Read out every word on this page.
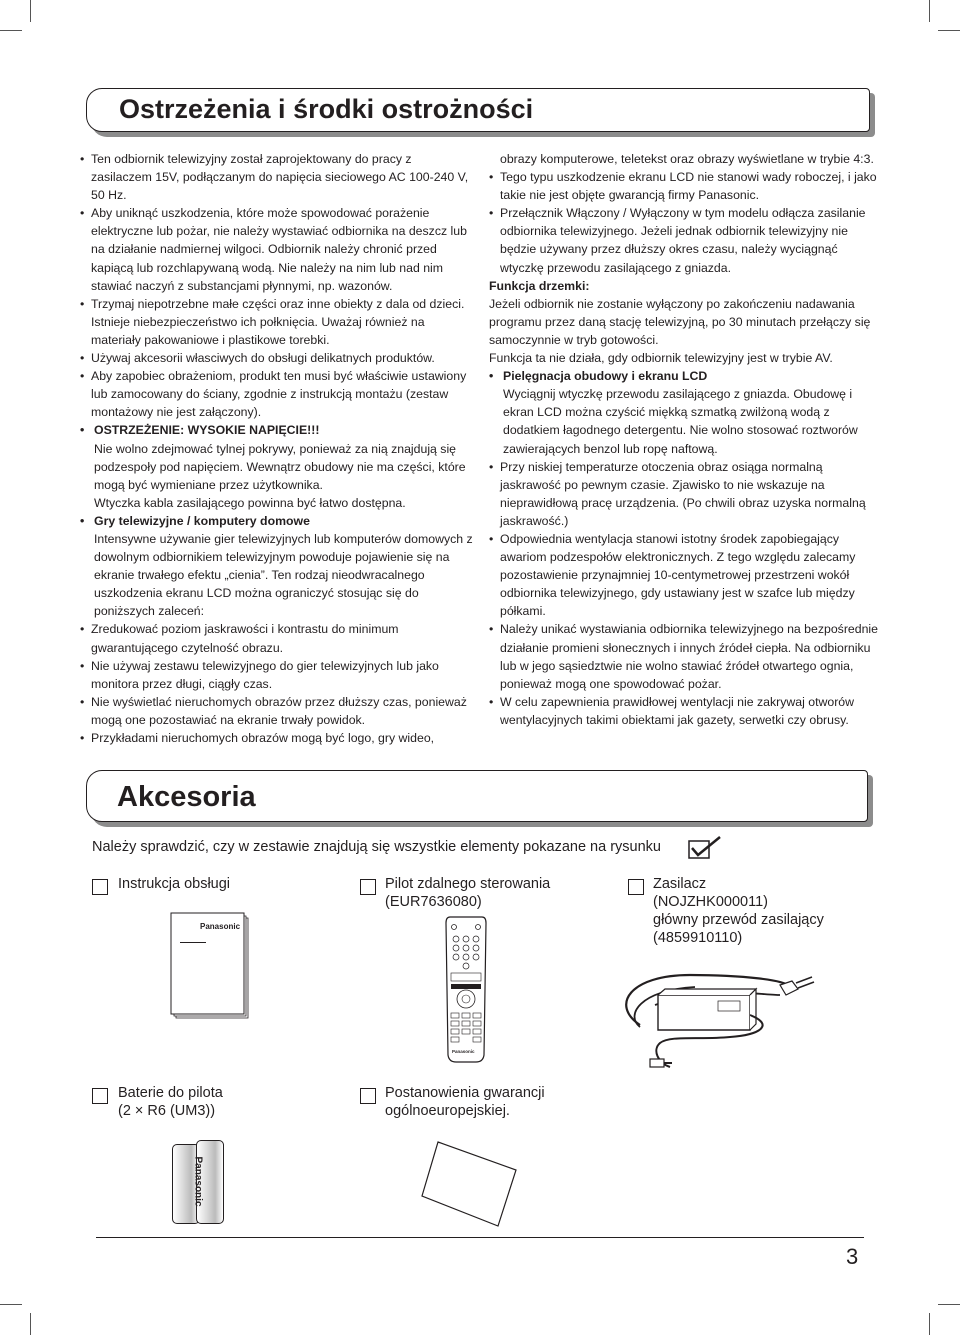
Ostrzeżenia i środki ostrożności

• Ten odbiornik telewizyjny został zaprojektowany do pracy z zasilaczem 15V, podłączanym do napięcia sieciowego AC 100-240 V, 50 Hz.

• Aby uniknąć uszkodzenia, które może spowodować porażenie elektryczne lub pożar, nie należy wystawiać odbiornika na deszcz lub na działanie nadmiernej wilgoci. Odbiornik należy chronić przed kapiącą lub rozchlapywaną wodą. Nie należy na nim lub nad nim stawiać naczyń z substancjami płynnymi, np. wazonów.

• Trzymaj niepotrzebne małe części oraz inne obiekty z dala od dzieci. Istnieje niebezpieczeństwo ich połknięcia. Uważaj również na materiały pakowaniowe i plastikowe torebki.

• Używaj akcesorii własciwych do obsługi delikatnych produktów.

• Aby zapobiec obrażeniom, produkt ten musi być właściwie ustawiony lub zamocowany do ściany, zgodnie z instrukcją montażu (zestaw montażowy nie jest załączony).

• OSTRZEŻENIE: WYSOKIE NAPIĘCIE!!!

Nie wolno zdejmować tylnej pokrywy, ponieważ za nią znajdują się podzespoły pod napięciem. Wewnątrz obudowy nie ma części, które mogą być wymieniane przez użytkownika.

Wtyczka kabla zasilającego powinna być łatwo dostępna.

• Gry telewizyjne / komputery domowe

Intensywne używanie gier telewizyjnych lub komputerów domowych z dowolnym odbiornikiem telewizyjnym powoduje pojawienie się na ekranie trwałego efektu „cienia”. Ten rodzaj nieodwracalnego uszkodzenia ekranu LCD można ograniczyć stosując się do poniższych zaleceń:

• Zredukować poziom jaskrawości i kontrastu do minimum gwarantującego czytelność obrazu.

• Nie używaj zestawu telewizyjnego do gier telewizyjnych lub jako monitora przez długi, ciągły czas.

• Nie wyświetlać nieruchomych obrazów przez dłuższy czas, ponieważ mogą one pozostawiać na ekranie trwały powidok.

• Przykładami nieruchomych obrazów mogą być logo, gry wideo,

obrazy komputerowe, teletekst oraz obrazy wyświetlane w trybie 4:3.

• Tego typu uszkodzenie ekranu LCD nie stanowi wady roboczej, i jako takie nie jest objęte gwarancją firmy Panasonic.

• Przełącznik Włączony / Wyłączony w tym modelu odłącza zasilanie odbiornika telewizyjnego. Jeżeli jednak odbiornik telewizyjny nie będzie używany przez dłuższy okres czasu, należy wyciągnąć wtyczkę przewodu zasilającego z gniazda.

Funkcja drzemki:

Jeżeli odbiornik nie zostanie wyłączony po zakończeniu nadawania programu przez daną stację telewizyjną, po 30 minutach przełączy się samoczynnie w tryb gotowości.

Funkcja ta nie działa, gdy odbiornik telewizyjny jest w trybie AV.

• Pielęgnacja obudowy i ekranu LCD

Wyciągnij wtyczkę przewodu zasilającego z gniazda. Obudowę i ekran LCD można czyścić miękką szmatką zwilżoną wodą z dodatkiem łagodnego detergentu. Nie wolno stosować roztworów zawierających benzol lub ropę naftową.

• Przy niskiej temperaturze otoczenia obraz osiąga normalną jaskrawość po pewnym czasie. Zjawisko to nie wskazuje na nieprawidłową pracę urządzenia. (Po chwili obraz uzyska normalną jaskrawość.)

• Odpowiednia wentylacja stanowi istotny środek zapobiegający awariom podzespołów elektronicznych. Z tego względu zalecamy pozostawienie przynajmniej 10-centymetrowej przestrzeni wokół odbiornika telewizyjnego, gdy ustawiany jest w szafce lub między półkami.

• Należy unikać wystawiania odbiornika telewizyjnego na bezpośrednie działanie promieni słonecznych i innych źródeł ciepła. Na odbiorniku lub w jego sąsiedztwie nie wolno stawiać źródeł otwartego ognia, ponieważ mogą one spowodować pożar.

• W celu zapewnienia prawidłowej wentylacji nie zakrywaj otworów wentylacyjnych takimi obiektami jak gazety, serwetki czy obrusy.

Akcesoria
Należy sprawdzić, czy w zestawie znajdują się wszystkie elementy pokazane na rysunku

Instrukcja obsługi

Panasonic

Pilot zdalnego sterowania

(EUR7636080)

Panasonic

Zasilacz

(NOJZHK000011)

główny przewód zasilający

(4859910110)

Baterie do pilota

(2 × R6 (UM3))

Panasonic

Postanowienia gwarancji

ogólnoeuropejskiej.

3
